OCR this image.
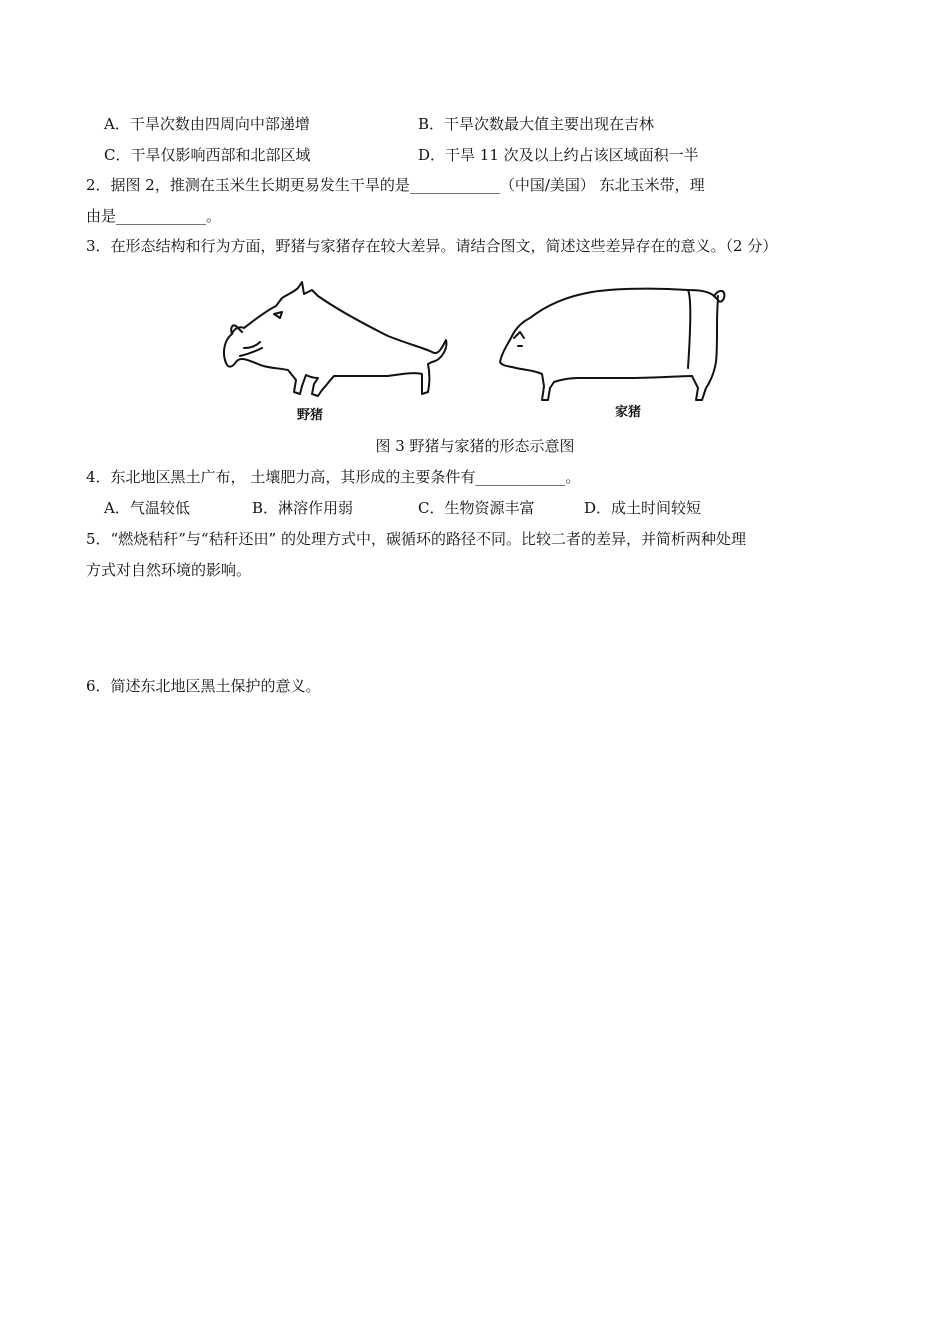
A．干旱次数由四周向中部递增	B．干旱次数最大值主要出现在吉林
C．干旱仅影响西部和北部区域	D．干旱 11 次及以上约占该区域面积一半
2．据图 2，推测在玉米生长期更易发生干旱的是____________（中国/美国） 东北玉米带，理
由是____________。
3．在形态结构和行为方面，野猪与家猪存在较大差异。请结合图文，简述这些差异存在的意义。（2 分）
野猪	家猪
图 3 野猪与家猪的形态示意图
4．东北地区黑土广布， 土壤肥力高，其形成的主要条件有____________。
A．气温较低	B．淋溶作用弱	C．生物资源丰富	D．成土时间较短
5．“燃烧秸秆”与“秸秆还田” 的处理方式中，碳循环的路径不同。比较二者的差异，并简析两种处理
方式对自然环境的影响。
6．简述东北地区黑土保护的意义。
